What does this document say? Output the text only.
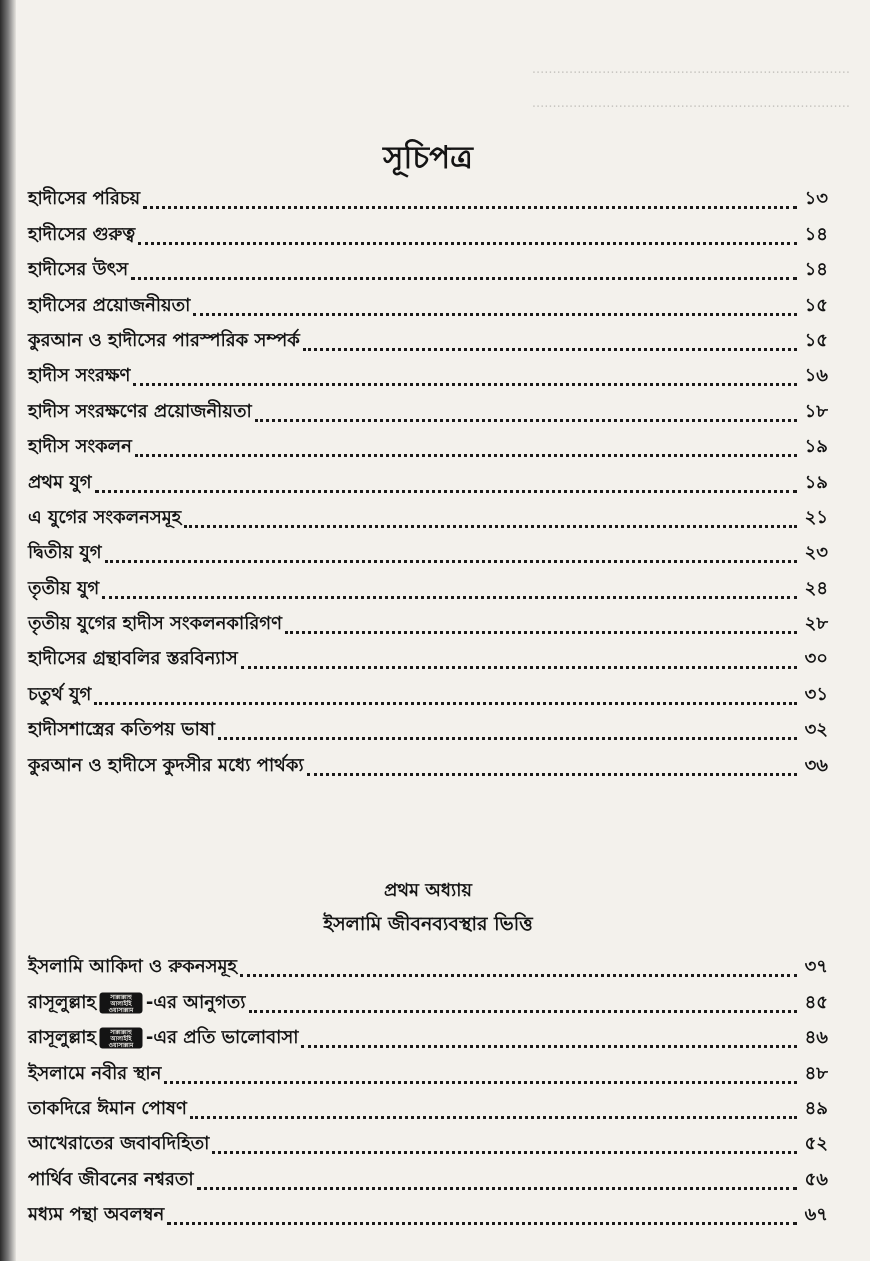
.............................................................................
.............................................................................
সূচিপত্র
হাদীসের পরিচয়	১৩
হাদীসের গুরুত্ব	১৪
হাদীসের উৎস	১৪
হাদীসের প্রয়োজনীয়তা	১৫
কুরআন ও হাদীসের পারস্পরিক সম্পর্ক	১৫
হাদীস সংরক্ষণ	১৬
হাদীস সংরক্ষণের প্রয়োজনীয়তা	১৮
হাদীস সংকলন	১৯
প্রথম যুগ	১৯
এ যুগের সংকলনসমূহ	২১
দ্বিতীয় যুগ	২৩
তৃতীয় যুগ	২৪
তৃতীয় যুগের হাদীস সংকলনকারিগণ	২৮
হাদীসের গ্রন্থাবলির স্তরবিন্যাস	৩০
চতুর্থ যুগ	৩১
হাদীসশাস্ত্রের কতিপয় ভাষা	৩২
কুরআন ও হাদীসে কুদসীর মধ্যে পার্থক্য	৩৬
প্রথম অধ্যায়
ইসলামি জীবনব্যবস্থার ভিত্তি
ইসলামি আকিদা ও রুকনসমূহ	৩৭
রাসূলুল্লাহ সাল্লাল্লাহু
আলাইহি
ওয়াসাল্লাম -এর আনুগত্য	৪৫
রাসূলুল্লাহ সাল্লাল্লাহু
আলাইহি
ওয়াসাল্লাম -এর প্রতি ভালোবাসা	৪৬
ইসলামে নবীর স্থান	৪৮
তাকদিরে ঈমান পোষণ	৪৯
আখেরাতের জবাবদিহিতা	৫২
পার্থিব জীবনের নশ্বরতা	৫৬
মধ্যম পন্থা অবলম্বন	৬৭
